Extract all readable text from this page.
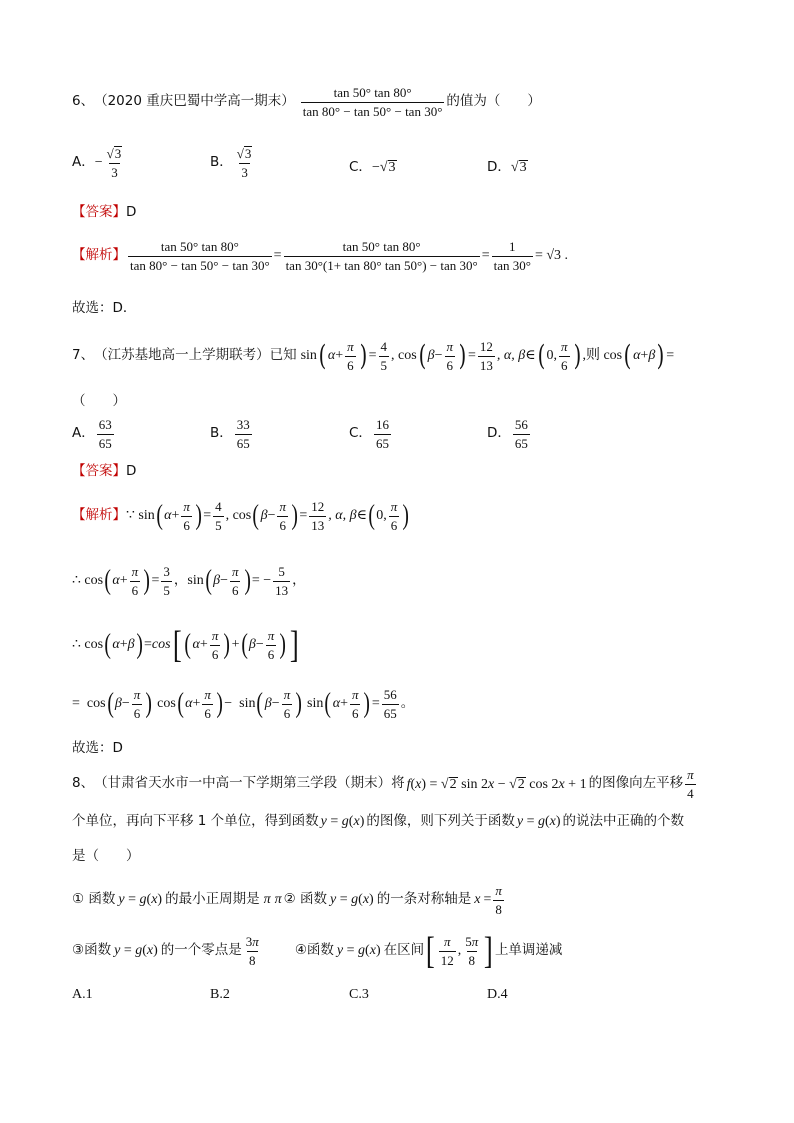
6、 （2020 重庆巴蜀中学高一期末） $\frac{\tan 50^\circ \tan 80^\circ}{\tan 80^\circ - \tan 50^\circ - \tan 30^\circ}$ 的值为（　　）
A． − $\frac{√3}{3}$	B． $\frac{√3}{3}$	C． −√3	D． √3
【答案】 D
【解析】 $\frac{\tan 50^\circ \tan 80^\circ}{\tan 80^\circ - \tan 50^\circ - \tan 30^\circ} = \frac{\tan 50^\circ \tan 80^\circ}{\tan 30^\circ(1+ \tan 80^\circ \tan 50^\circ) - \tan 30^\circ} = \frac{1}{\tan 30^\circ} = √3$ .
故选：D．
7、 （江苏基地高一上学期联考）已知 sin ( $\alpha + \frac{\pi}{6}$ ) = $\frac{4}{5}$ , cos ( $\beta - \frac{\pi}{6}$ ) = $\frac{12}{13}$ , α, β ∈ ( 0, $\frac{\pi}{6}$ ) ,则 cos ( α + β ) =
（　　）
A． $\frac{63}{65}$	B． $\frac{33}{65}$	C． $\frac{16}{65}$	D． $\frac{56}{65}$
【答案】 D
【解析】 ∵ sin ( $\alpha + \frac{\pi}{6}$ ) = $\frac{4}{5}$ , cos ( $\beta - \frac{\pi}{6}$ ) = $\frac{12}{13}$ , α, β ∈ ( 0, $\frac{\pi}{6}$ )
∴ cos ( $\alpha + \frac{\pi}{6}$ ) = $\frac{3}{5}$ ， sin ( $\beta - \frac{\pi}{6}$ ) = − $\frac{5}{13}$ ，
∴ cos ( α + β ) = cos [ ( $\alpha + \frac{\pi}{6}$ ) + ( $\beta - \frac{\pi}{6}$ ) ]
=  cos ( $\beta - \frac{\pi}{6}$ ) cos ( $\alpha + \frac{\pi}{6}$ ) −  sin ( $\beta - \frac{\pi}{6}$ ) sin ( $\alpha + \frac{\pi}{6}$ ) = $\frac{56}{65}$ 。
故选：D
8、 （甘肃省天水市一中高一下学期第三学段（期末）将 f(x) = √2 sin 2x − √2 cos 2x + 1 的图像向左平移 $\frac{\pi}{4}$
个单位，再向下平移 1 个单位，得到函数 y = g(x) 的图像，则下列关于函数 y = g(x) 的说法中正确的个数
是（　　）
① 函数 y = g(x) 的最小正周期是 π π ② 函数 y = g(x) 的一条对称轴是 $x = \frac{\pi}{8}$
③函数 y = g(x) 的一个零点是 $\frac{3\pi}{8}$	④函数 y = g(x) 在区间 [ $\frac{\pi}{12}$ , $\frac{5\pi}{8}$ ] 上单调递减
A.1	B.2	C.3	D.4
